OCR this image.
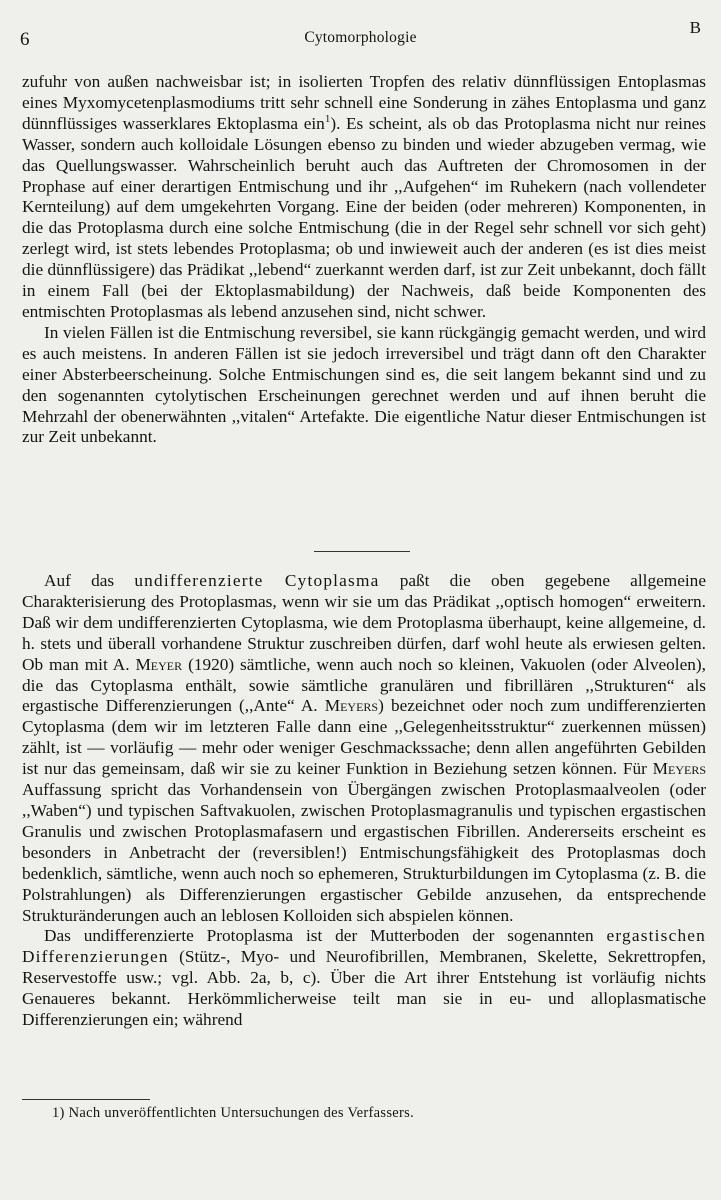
6	Cytomorphologie
B

zufuhr von außen nachweisbar ist; in isolierten Tropfen des relativ dünnflüssigen Entoplasmas eines Myxomycetenplasmodiums tritt sehr schnell eine Sonderung in zähes Entoplasma und ganz dünnflüssiges wasserklares Ektoplasma ein$^1$). Es scheint, als ob das Protoplasma nicht nur reines Wasser, sondern auch kolloidale Lösungen ebenso zu binden und wieder abzugeben vermag, wie das Quellungswasser. Wahrscheinlich beruht auch das Auftreten der Chromosomen in der Prophase auf einer derartigen Entmischung und ihr ,,Aufgehen“ im Ruhekern (nach vollendeter Kernteilung) auf dem umgekehrten Vorgang. Eine der beiden (oder mehreren) Komponenten, in die das Protoplasma durch eine solche Entmischung (die in der Regel sehr schnell vor sich geht) zerlegt wird, ist stets lebendes Protoplasma; ob und inwieweit auch der anderen (es ist dies meist die dünnflüssigere) das Prädikat ,,lebend“ zuerkannt werden darf, ist zur Zeit unbekannt, doch fällt in einem Fall (bei der Ektoplasmabildung) der Nachweis, daß beide Komponenten des entmischten Protoplasmas als lebend anzusehen sind, nicht schwer.

In vielen Fällen ist die Entmischung reversibel, sie kann rückgängig gemacht werden, und wird es auch meistens. In anderen Fällen ist sie jedoch irreversibel und trägt dann oft den Charakter einer Absterbeerscheinung. Solche Entmischungen sind es, die seit langem bekannt sind und zu den sogenannten cytolytischen Erscheinungen gerechnet werden und auf ihnen beruht die Mehrzahl der obenerwähnten ,,vitalen“ Artefakte. Die eigentliche Natur dieser Entmischungen ist zur Zeit unbekannt.

Auf das undifferenzierte Cytoplasma paßt die oben gegebene allgemeine Charakterisierung des Protoplasmas, wenn wir sie um das Prädikat ,,optisch homogen“ erweitern. Daß wir dem undifferenzierten Cytoplasma, wie dem Protoplasma überhaupt, keine allgemeine, d. h. stets und überall vorhandene Struktur zuschreiben dürfen, darf wohl heute als erwiesen gelten. Ob man mit A. Meyer (1920) sämtliche, wenn auch noch so kleinen, Vakuolen (oder Alveolen), die das Cytoplasma enthält, sowie sämtliche granulären und fibrillären ,,Strukturen“ als ergastische Differenzierungen (,,Ante“ A. Meyers) bezeichnet oder noch zum undifferenzierten Cytoplasma (dem wir im letzteren Falle dann eine ,,Gelegenheitsstruktur“ zuerkennen müssen) zählt, ist — vorläufig — mehr oder weniger Geschmackssache; denn allen angeführten Gebilden ist nur das gemeinsam, daß wir sie zu keiner Funktion in Beziehung setzen können. Für Meyers Auffassung spricht das Vorhandensein von Übergängen zwischen Protoplasmaalveolen (oder ,,Waben“) und typischen Saftvakuolen, zwischen Protoplasmagranulis und typischen ergastischen Granulis und zwischen Protoplasmafasern und ergastischen Fibrillen. Andererseits erscheint es besonders in Anbetracht der (reversiblen!) Entmischungsfähigkeit des Protoplasmas doch bedenklich, sämtliche, wenn auch noch so ephemeren, Strukturbildungen im Cytoplasma (z. B. die Polstrahlungen) als Differenzierungen ergastischer Gebilde anzusehen, da entsprechende Strukturänderungen auch an leblosen Kolloiden sich abspielen können.

Das undifferenzierte Protoplasma ist der Mutterboden der sogenannten ergastischen Differenzierungen (Stütz-, Myo- und Neurofibrillen, Membranen, Skelette, Sekrettropfen, Reservestoffe usw.; vgl. Abb. 2a, b, c). Über die Art ihrer Entstehung ist vorläufig nichts Genaueres bekannt. Herkömmlicherweise teilt man sie in eu- und alloplasmatische Differenzierungen ein; während

1) Nach unveröffentlichten Untersuchungen des Verfassers.
